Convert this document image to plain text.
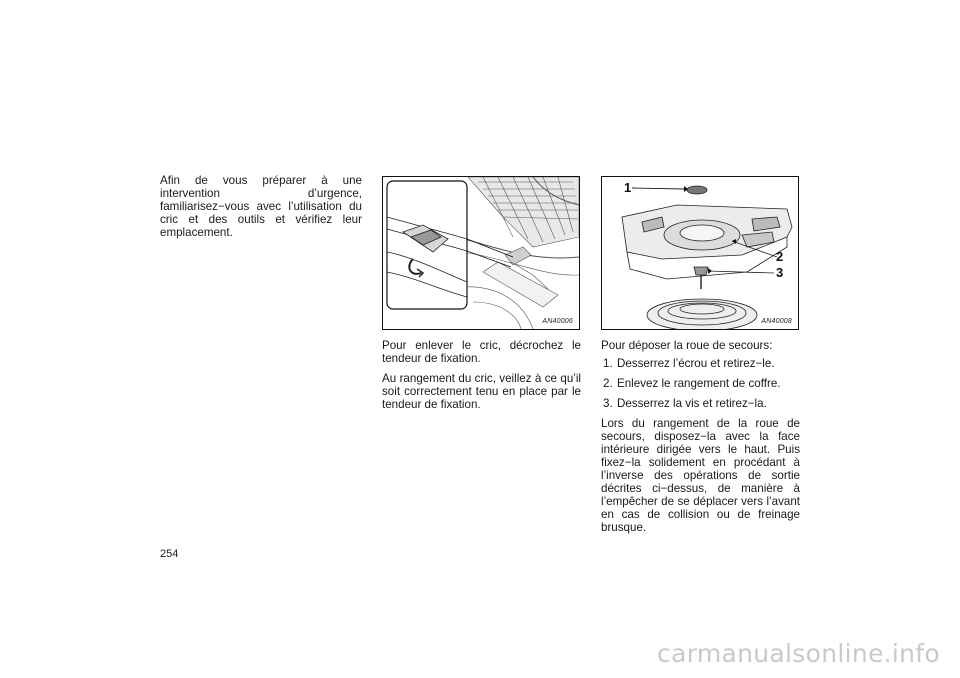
Afin de vous préparer à une intervention d’urgence, familiarisez−vous avec l’utilisation du cric et des outils et vérifiez leur emplacement.

AN40006
1
2
3
AN40008

Pour enlever le cric, décrochez le tendeur de fixation.

Au rangement du cric, veillez à ce qu’il soit correctement tenu en place par le tendeur de fixation.

Pour déposer la roue de secours:

1. Desserrez l’écrou et retirez−le.
2. Enlevez le rangement de coffre.
3. Desserrez la vis et retirez−la.

Lors du rangement de la roue de secours, disposez−la avec la face intérieure dirigée vers le haut. Puis fixez−la solidement en procédant à l’inverse des opérations de sortie décrites ci−dessus, de manière à l’empêcher de se déplacer vers l’avant en cas de collision ou de freinage brusque.

254
carmanualsonline.info
